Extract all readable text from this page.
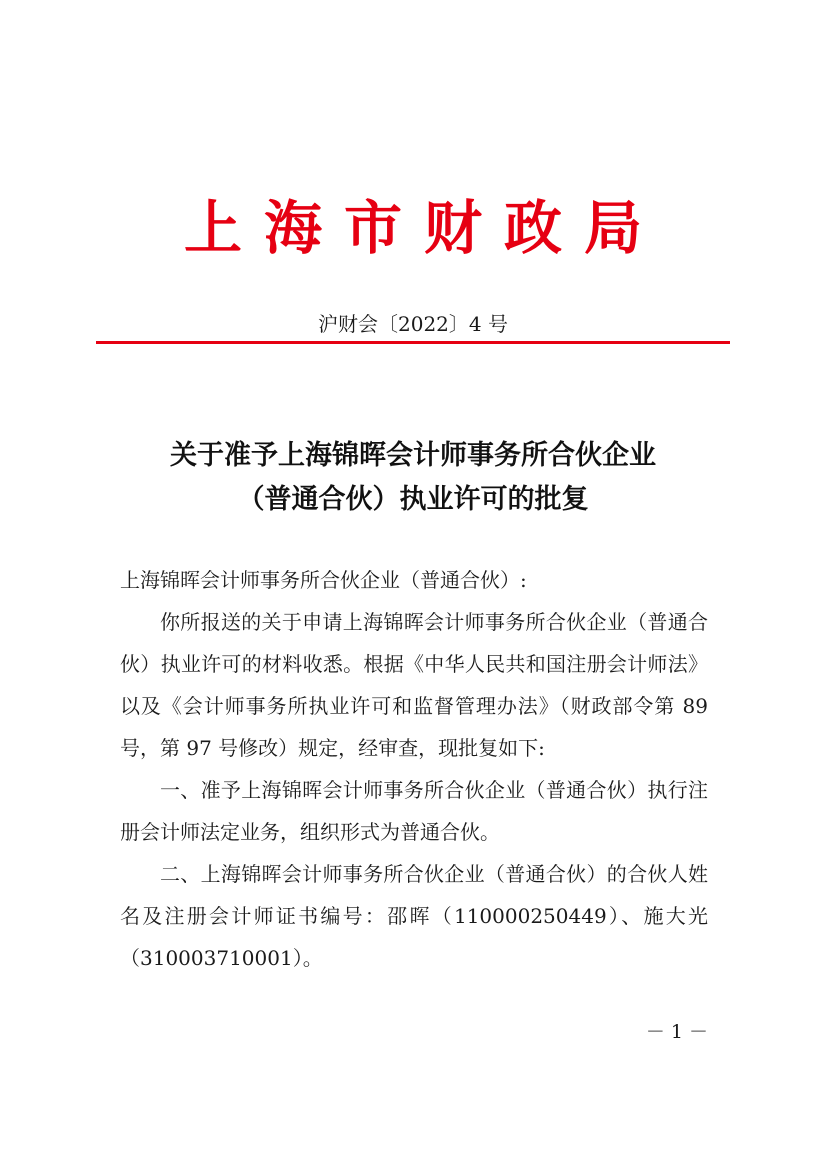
上海市财政局
沪财会〔2022〕4 号
关于准予上海锦晖会计师事务所合伙企业
（普通合伙）执业许可的批复

上海锦晖会计师事务所合伙企业（普通合伙）:

你所报送的关于申请上海锦晖会计师事务所合伙企业（普通合伙）执业许可的材料收悉。根据《中华人民共和国注册会计师法》以及《会计师事务所执业许可和监督管理办法》（财政部令第 89 号，第 97 号修改）规定，经审查，现批复如下:

一、准予上海锦晖会计师事务所合伙企业（普通合伙）执行注册会计师法定业务，组织形式为普通合伙。

二、上海锦晖会计师事务所合伙企业（普通合伙）的合伙人姓名及注册会计师证书编号：邵晖（110000250449）、施大光（310003710001）。

－ 1 －
